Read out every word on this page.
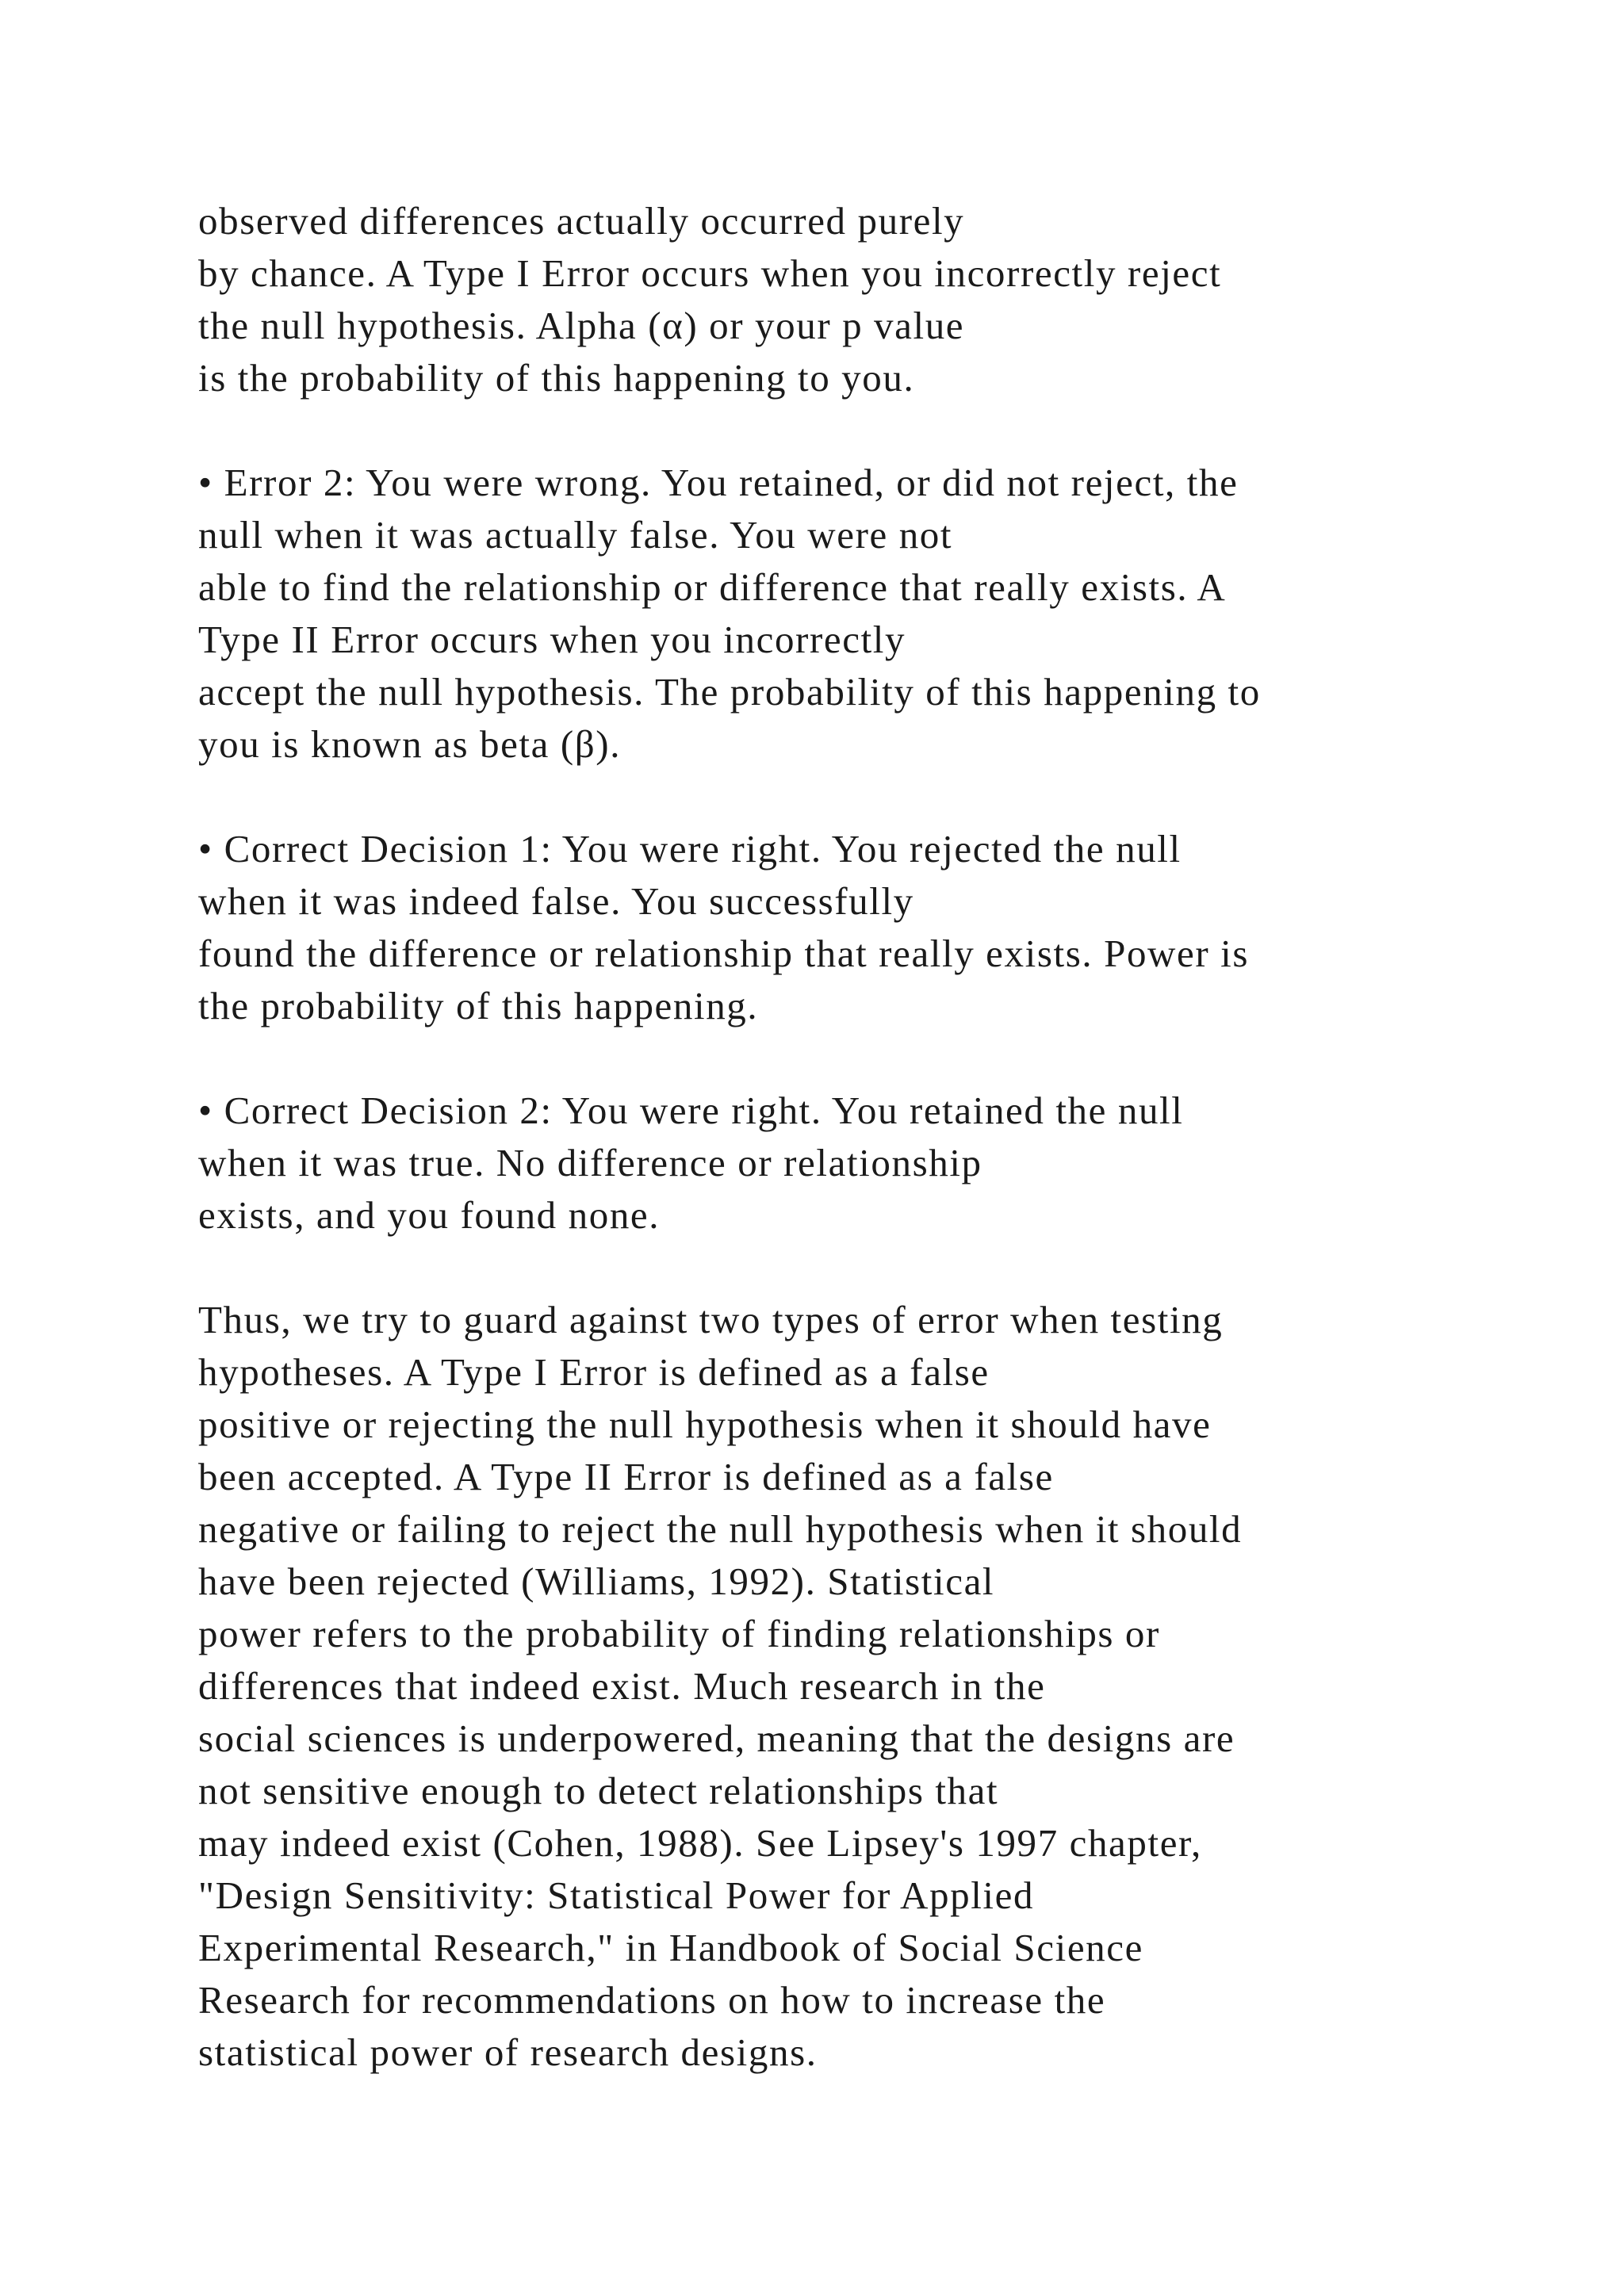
observed differences actually occurred purely
by chance. A Type I Error occurs when you incorrectly reject
the null hypothesis. Alpha (α) or your p value
is the probability of this happening to you.
• Error 2: You were wrong. You retained, or did not reject, the
null when it was actually false. You were not
able to find the relationship or difference that really exists. A
Type II Error occurs when you incorrectly
accept the null hypothesis. The probability of this happening to
you is known as beta (β).
• Correct Decision 1: You were right. You rejected the null
when it was indeed false. You successfully
found the difference or relationship that really exists. Power is
the probability of this happening.
• Correct Decision 2: You were right. You retained the null
when it was true. No difference or relationship
exists, and you found none.
Thus, we try to guard against two types of error when testing
hypotheses. A Type I Error is defined as a false
positive or rejecting the null hypothesis when it should have
been accepted. A Type II Error is defined as a false
negative or failing to reject the null hypothesis when it should
have been rejected (Williams, 1992). Statistical
power refers to the probability of finding relationships or
differences that indeed exist. Much research in the
social sciences is underpowered, meaning that the designs are
not sensitive enough to detect relationships that
may indeed exist (Cohen, 1988). See Lipsey's 1997 chapter,
"Design Sensitivity: Statistical Power for Applied
Experimental Research," in Handbook of Social Science
Research for recommendations on how to increase the
statistical power of research designs.
